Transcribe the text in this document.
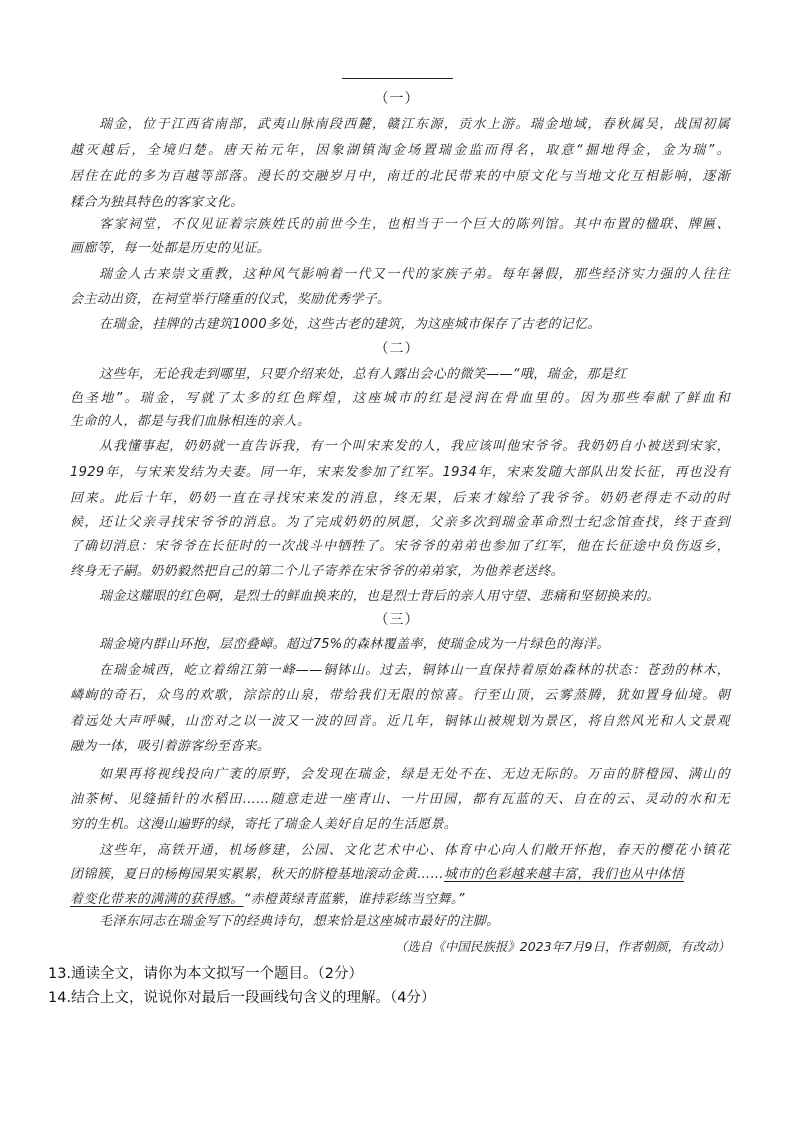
（一）
瑞金，位于江西省南部，武夷山脉南段西麓，赣江东源，贡水上游。瑞金地域，春秋属吴，战国初属
越灭越后，全境归楚。唐天祐元年，因象湖镇淘金场置瑞金监而得名，取意“掘地得金，金为瑞”。
居住在此的多为百越等部落。漫长的交融岁月中，南迁的北民带来的中原文化与当地文化互相影响，逐渐
糅合为独具特色的客家文化。
客家祠堂，不仅见证着宗族姓氏的前世今生，也相当于一个巨大的陈列馆。其中布置的楹联、牌匾、
画廊等，每一处都是历史的见证。
瑞金人古来崇文重教，这种风气影响着一代又一代的家族子弟。每年暑假，那些经济实力强的人往往
会主动出资，在祠堂举行隆重的仪式，奖励优秀学子。
在瑞金，挂牌的古建筑1000多处，这些古老的建筑，为这座城市保存了古老的记忆。
（二）
这些年，无论我走到哪里，只要介绍来处，总有人露出会心的微笑——“哦，瑞金，那是红
色圣地”。瑞金，写就了太多的红色辉煌，这座城市的红是浸润在骨血里的。因为那些奉献了鲜血和
生命的人，都是与我们血脉相连的亲人。
从我懂事起，奶奶就一直告诉我，有一个叫宋来发的人，我应该叫他宋爷爷。我奶奶自小被送到宋家，
1929年，与宋来发结为夫妻。同一年，宋来发参加了红军。1934年，宋来发随大部队出发长征，再也没有
回来。此后十年，奶奶一直在寻找宋来发的消息，终无果，后来才嫁给了我爷爷。奶奶老得走不动的时
候，还让父亲寻找宋爷爷的消息。为了完成奶奶的夙愿，父亲多次到瑞金革命烈士纪念馆查找，终于查到
了确切消息：宋爷爷在长征时的一次战斗中牺牲了。宋爷爷的弟弟也参加了红军，他在长征途中负伤返乡，
终身无子嗣。奶奶毅然把自己的第二个儿子寄养在宋爷爷的弟弟家，为他养老送终。
瑞金这耀眼的红色啊，是烈士的鲜血换来的，也是烈士背后的亲人用守望、悲痛和坚韧换来的。
（三）
瑞金境内群山环抱，层峦叠嶂。超过75%的森林覆盖率，使瑞金成为一片绿色的海洋。
在瑞金城西，屹立着绵江第一峰——铜钵山。过去，铜钵山一直保持着原始森林的状态：苍劲的林木，
嶙峋的奇石，众鸟的欢歌，淙淙的山泉，带给我们无限的惊喜。行至山顶，云雾蒸腾，犹如置身仙境。朝
着远处大声呼喊，山峦对之以一波又一波的回音。近几年，铜钵山被规划为景区，将自然风光和人文景观
融为一体，吸引着游客纷至沓来。
如果再将视线投向广袤的原野，会发现在瑞金，绿是无处不在、无边无际的。万亩的脐橙园、满山的
油茶树、见缝插针的水稻田……随意走进一座青山、一片田园，都有瓦蓝的天、自在的云、灵动的水和无
穷的生机。这漫山遍野的绿，寄托了瑞金人美好自足的生活愿景。
这些年，高铁开通，机场修建，公园、文化艺术中心、体育中心向人们敞开怀抱，春天的樱花小镇花
团锦簇，夏日的杨梅园果实累累，秋天的脐橙基地滚动金黄……城市的色彩越来越丰富，我们也从中体悟
着变化带来的满满的获得感。“赤橙黄绿青蓝紫，谁持彩练当空舞。”
毛泽东同志在瑞金写下的经典诗句，想来恰是这座城市最好的注脚。
（选自《中国民族报》2023年7月9日，作者朝颜，有改动）
13.通读全文，请你为本文拟写一个题目。（2分）
14.结合上文，说说你对最后一段画线句含义的理解。（4分）
